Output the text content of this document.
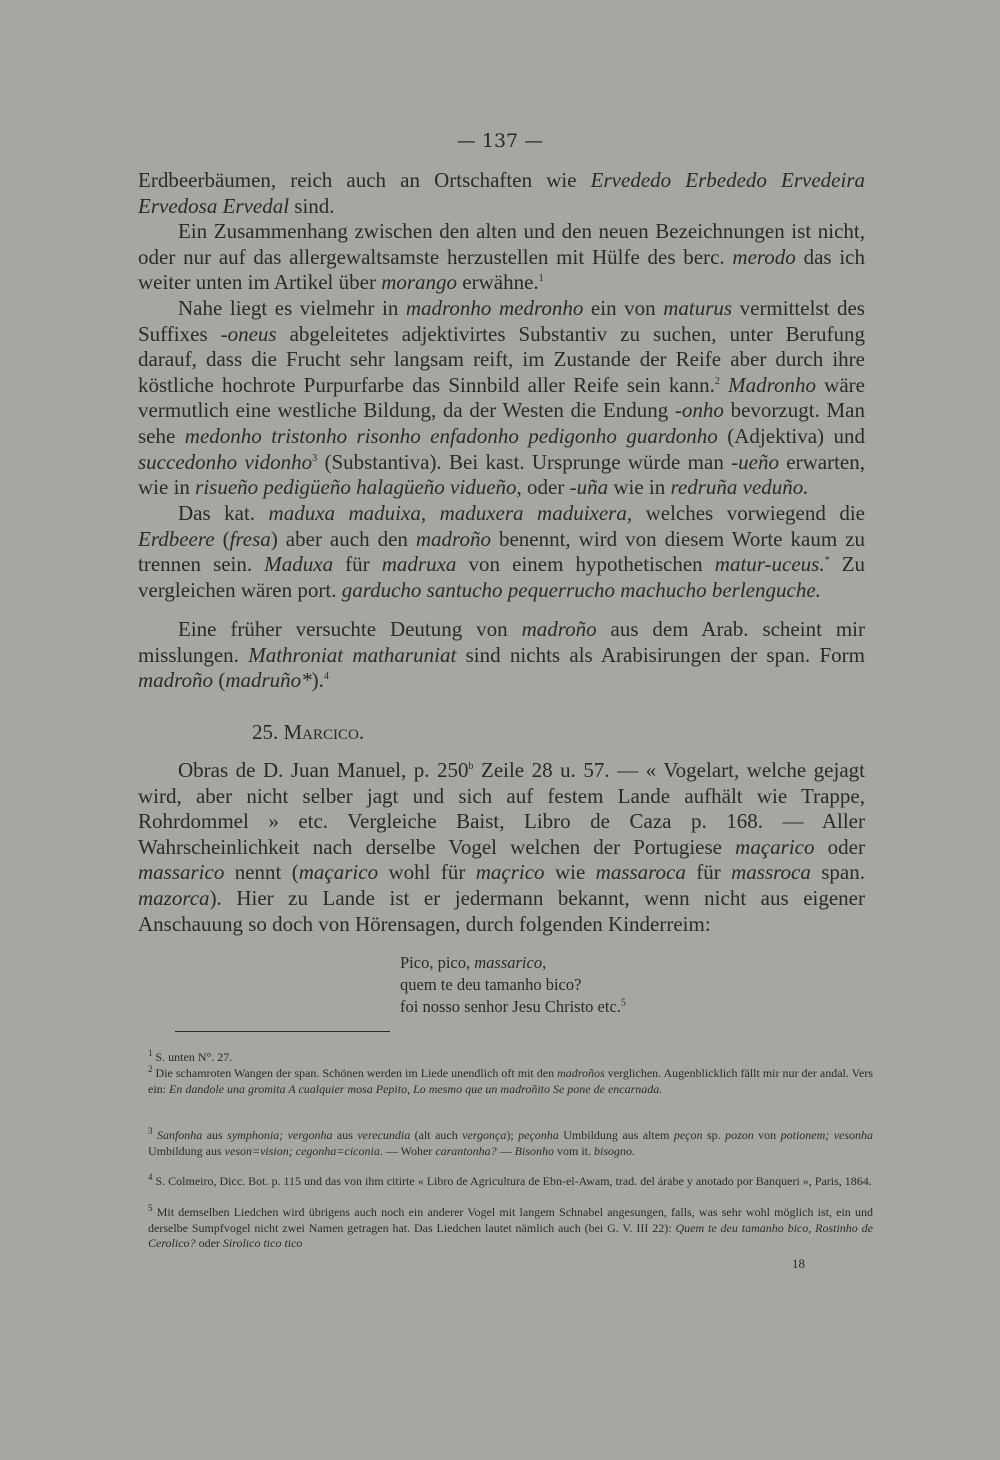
— 137 —

Erdbeerbäumen, reich auch an Ortschaften wie Ervededo Erbededo Ervedeira Ervedosa Ervedal sind.

Ein Zusammenhang zwischen den alten und den neuen Bezeichnungen ist nicht, oder nur auf das allergewaltsamste herzustellen mit Hülfe des berc. merodo das ich weiter unten im Artikel über morango erwähne.$^1$

Nahe liegt es vielmehr in madronho medronho ein von maturus vermittelst des Suffixes -oneus abgeleitetes adjektivirtes Substantiv zu suchen, unter Berufung darauf, dass die Frucht sehr langsam reift, im Zustande der Reife aber durch ihre köstliche hochrote Purpurfarbe das Sinnbild aller Reife sein kann.$^2$ Madronho wäre vermutlich eine westliche Bildung, da der Westen die Endung -onho bevorzugt. Man sehe medonho tristonho risonho enfadonho pedigonho guardonho (Adjektiva) und succedonho vidonho$^3$ (Substantiva). Bei kast. Ursprunge würde man -ueño erwarten, wie in risueño pedigüeño halagüeño vidueño, oder -uña wie in redruña veduño.

Das kat. maduxa maduixa, maduxera maduixera, welches vorwiegend die Erdbeere (fresa) aber auch den madroño benennt, wird von diesem Worte kaum zu trennen sein. Maduxa für madruxa von einem hypothetischen matur-uceus.* Zu vergleichen wären port. garducho santucho pequerrucho machucho berlenguche.

Eine früher versuchte Deutung von madroño aus dem Arab. scheint mir misslungen. Mathroniat matharuniat sind nichts als Arabisirungen der span. Form madroño (madruño*).$^4$

25. Marcico.

Obras de D. Juan Manuel, p. 250$^b$ Zeile 28 u. 57. — « Vogelart, welche gejagt wird, aber nicht selber jagt und sich auf festem Lande aufhält wie Trappe, Rohrdommel » etc. Vergleiche Baist, Libro de Caza p. 168. — Aller Wahrscheinlichkeit nach derselbe Vogel welchen der Portugiese maçarico oder massarico nennt (maçarico wohl für maçrico wie massaroca für massroca span. mazorca). Hier zu Lande ist er jedermann bekannt, wenn nicht aus eigener Anschauung so doch von Hörensagen, durch folgenden Kinderreim:

Pico, pico, massarico,
quem te deu tamanho bico?
foi nosso senhor Jesu Christo etc.$^5$

$^1$ S. unten N°. 27.

$^2$ Die schamroten Wangen der span. Schönen werden im Liede unendlich oft mit den madroños verglichen. Augenblicklich fällt mir nur der andal. Vers ein: En dandole una gromita A cualquier mosa Pepito, Lo mesmo que un madroñito Se pone de encarnada.

$^3$ Sanfonha aus symphonia; vergonha aus verecundia (alt auch vergonça); peçonha Umbildung aus altem peçon sp. pozon von potionem; vesonha Umbildung aus veson=vision; cegonha=ciconia. — Woher carantonha? — Bisonho vom it. bisogno.

$^4$ S. Colmeiro, Dicc. Bot. p. 115 und das von ihm citirte « Libro de Agricultura de Ebn-el-Awam, trad. del árabe y anotado por Banqueri », Paris, 1864.

$^5$ Mit demselben Liedchen wird übrigens auch noch ein anderer Vogel mit langem Schnabel angesungen, falls, was sehr wohl möglich ist, ein und derselbe Sumpfvogel nicht zwei Namen getragen hat. Das Liedchen lautet nämlich auch (bei G. V. III 22): Quem te deu tamanho bico, Rostinho de Cerolico? oder Sirolico tico tico

18
